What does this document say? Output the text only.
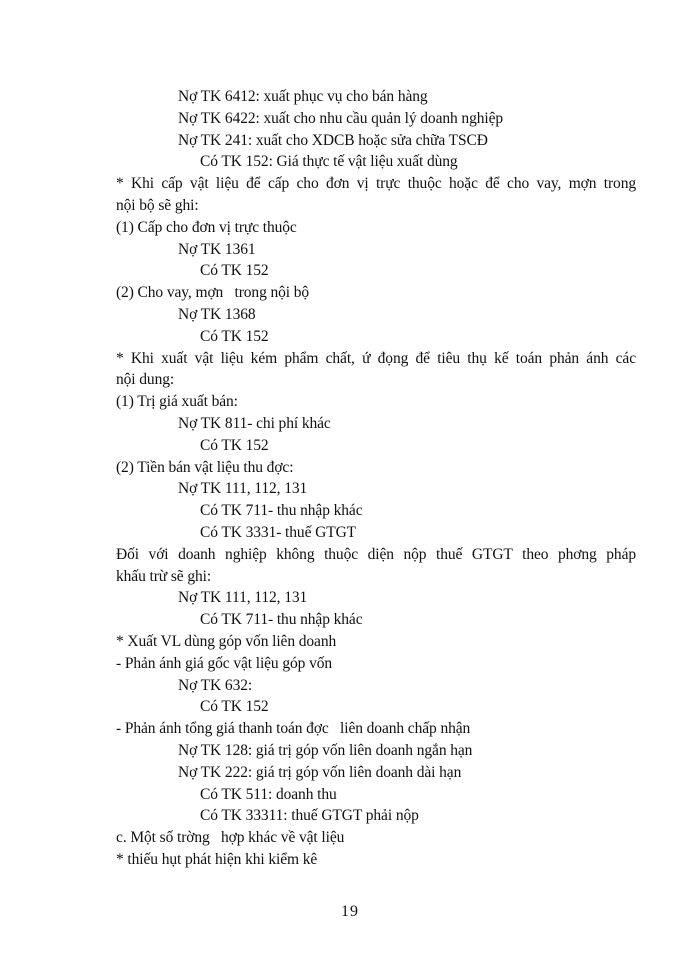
Nợ TK 6412: xuất phục vụ cho bán hàng
Nợ TK 6422: xuất cho nhu cầu quản lý doanh nghiệp
Nợ TK 241: xuất cho XDCB hoặc sửa chữa TSCĐ
Có TK 152: Giá thực tế vật liệu xuất dùng
* Khi cấp vật liệu để cấp cho đơn vị trực thuộc hoặc để cho vay, mợn trong
nội bộ sẽ ghi:
(1) Cấp cho đơn vị trực thuộc
Nợ TK 1361
Có TK 152
(2) Cho vay, mợn   trong nội bộ
Nợ TK 1368
Có TK 152
* Khi xuất vật liệu kém phẩm chất, ứ đọng để tiêu thụ kế toán phản ánh các
nội dung:
(1) Trị giá xuất bán:
Nợ TK 811- chi phí khác
Có TK 152
(2) Tiền bán vật liệu thu đợc:
Nợ TK 111, 112, 131
Có TK 711- thu nhập khác
Có TK 3331- thuế GTGT
Đối với doanh nghiệp không thuộc diện nộp thuế GTGT theo phơng pháp
khấu trừ sẽ ghi:
Nợ TK 111, 112, 131
Có TK 711- thu nhập khác
* Xuất VL dùng góp vốn liên doanh
- Phản ánh giá gốc vật liệu góp vốn
Nợ TK 632:
Có TK 152
- Phản ánh tổng giá thanh toán đợc   liên doanh chấp nhận
Nợ TK 128: giá trị góp vốn liên doanh ngắn hạn
Nợ TK 222: giá trị góp vốn liên doanh dài hạn
Có TK 511: doanh thu
Có TK 33311: thuế GTGT phải nộp
c. Một số trờng   hợp khác về vật liệu
* thiếu hụt phát hiện khi kiểm kê
19
